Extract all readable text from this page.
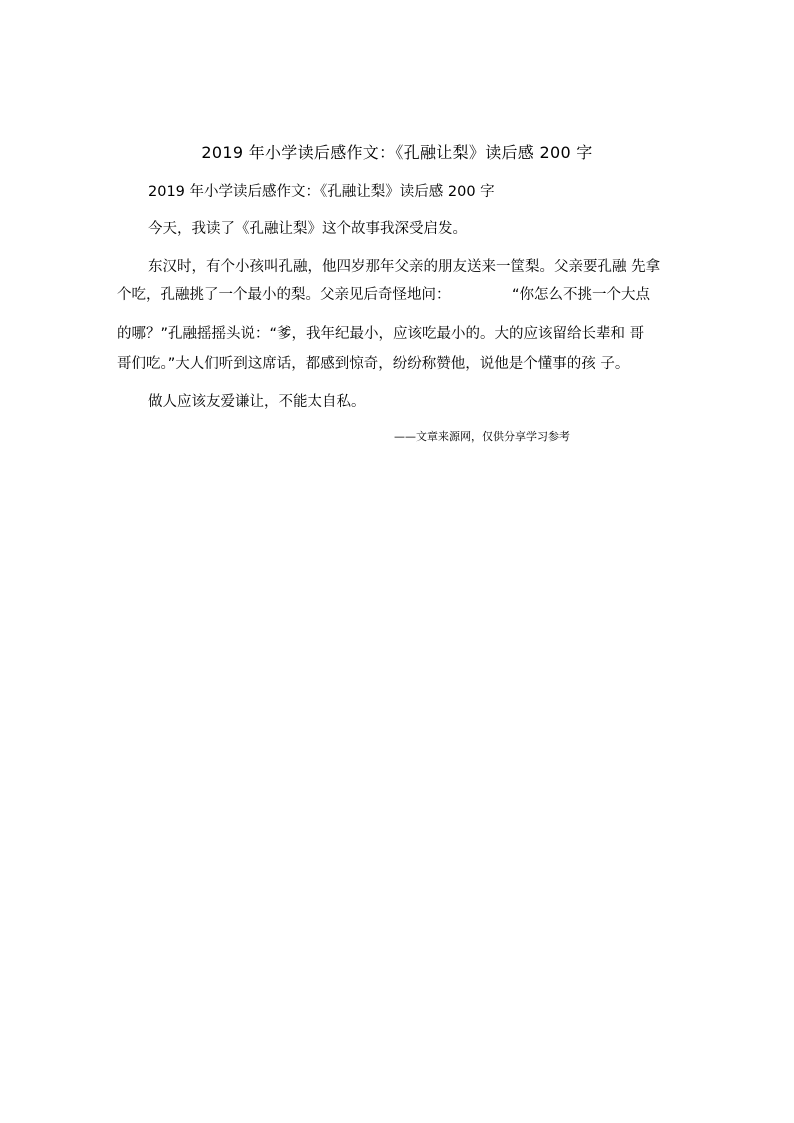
2019 年小学读后感作文：《孔融让梨》读后感 200 字
2019 年小学读后感作文：《孔融让梨》读后感 200 字
今天，我读了《孔融让梨》这个故事我深受启发。
东汉时，有个小孩叫孔融，他四岁那年父亲的朋友送来一筐梨。父亲要孔融 先拿
个吃，孔融挑了一个最小的梨。父亲见后奇怪地问：	“你怎么不挑一个大点
的哪？”孔融摇摇头说：“爹，我年纪最小，应该吃最小的。大的应该留给长辈和 哥
哥们吃。”大人们听到这席话，都感到惊奇，纷纷称赞他，说他是个懂事的孩 子。
做人应该友爱谦让，不能太自私。
——文章来源网，仅供分享学习参考
